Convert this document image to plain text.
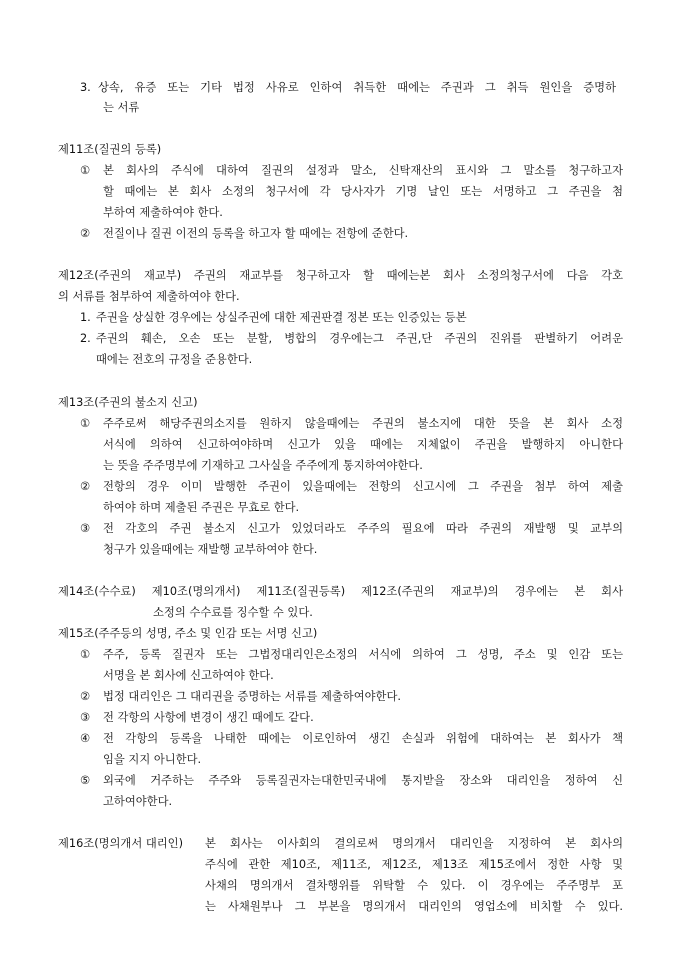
3. 상속, 유증 또는 기타 법정 사유로 인하여 취득한 때에는 주권과 그 취득 원인을 증명하
는 서류
제11조(질권의 등록)
① 본 회사의 주식에 대하여 질권의 설정과 말소, 신탁재산의 표시와 그 말소를 청구하고자
할 때에는 본 회사 소정의 청구서에 각 당사자가 기명 날인 또는 서명하고 그 주권을 첨
부하여 제출하여야 한다.
② 전질이나 질권 이전의 등록을 하고자 할 때에는 전항에 준한다.
제12조(주권의 재교부) 주권의 재교부를 청구하고자 할 때에는본 회사 소정의청구서에 다음 각호
의 서류를 첨부하여 제출하여야 한다.
1. 주권을 상실한 경우에는 상실주권에 대한 제권판결 정본 또는 인증있는 등본
2. 주권의 훼손, 오손 또는 분할, 병합의 경우에는그 주권,단 주권의 진위를 판별하기 어려운
때에는 전호의 규정을 준용한다.
제13조(주권의 불소지 신고)
① 주주로써 해당주권의소지를 원하지 않을때에는 주권의 불소지에 대한 뜻을 본 회사 소정
서식에 의하여 신고하여야하며 신고가 있을 때에는 지체없이 주권을 발행하지 아니한다
는 뜻을 주주명부에 기재하고 그사실을 주주에게 통지하여야한다.
② 전항의 경우 이미 발행한 주권이 있을때에는 전항의 신고시에 그 주권을 첨부 하여 제출
하여야 하며 제출된 주권은 무효로 한다.
③ 전 각호의 주권 불소지 신고가 있었더라도 주주의 필요에 따라 주권의 재발행 및 교부의
청구가 있을때에는 재발행 교부하여야 한다.
제14조(수수료) 제10조(명의개서) 제11조(질권등록) 제12조(주권의 재교부)의 경우에는 본 회사
소정의 수수료를 징수할 수 있다.
제15조(주주등의 성명, 주소 및 인감 또는 서명 신고)
① 주주, 등록 질권자 또는 그법정대리인은소정의 서식에 의하여 그 성명, 주소 및 인감 또는
서명을 본 회사에 신고하여야 한다.
② 법정 대리인은 그 대리권을 증명하는 서류를 제출하여야한다.
③ 전 각항의 사항에 변경이 생긴 때에도 같다.
④ 전 각항의 등록을 나태한 때에는 이로인하여 생긴 손실과 위험에 대하여는 본 회사가 책
임을 지지 아니한다.
⑤ 외국에 거주하는 주주와 등록질권자는대한민국내에 통지받을 장소와 대리인을 정하여 신
고하여야한다.
제16조(명의개서 대리인) 본 회사는 이사회의 결의로써 명의개서 대리인을 지정하여 본 회사의
주식에 관한 제10조, 제11조, 제12조, 제13조 제15조에서 정한 사항 및
사채의 명의개서 결차행위를 위탁할 수 있다. 이 경우에는 주주명부 포
는 사채원부나 그 부본을 명의개서 대리인의 영업소에 비치할 수 있다.
